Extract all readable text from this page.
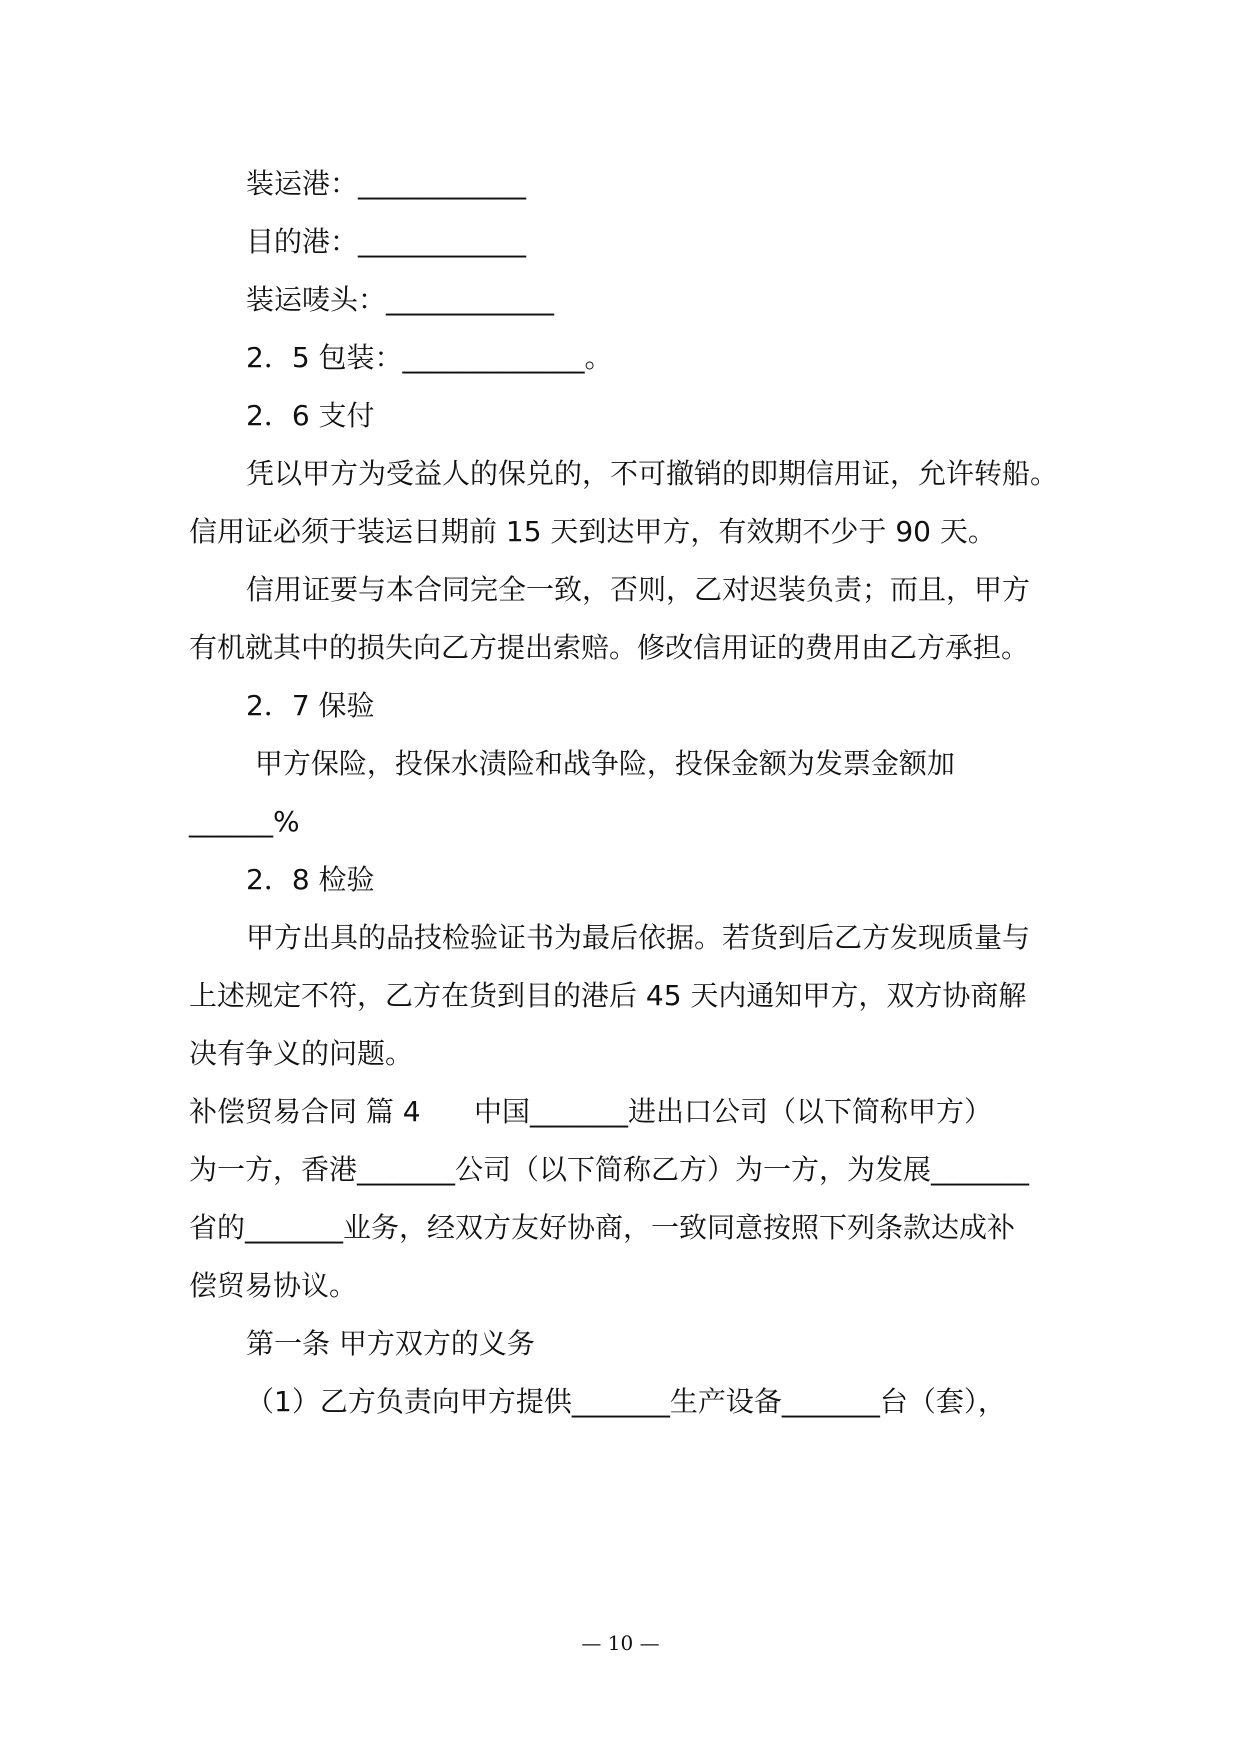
装运港：____________
目的港：____________
装运唛头：____________
2．5 包装：_____________。
2．6 支付
凭以甲方为受益人的保兑的，不可撤销的即期信用证，允许转船。
信用证必须于装运日期前 15 天到达甲方，有效期不少于 90 天。
信用证要与本合同完全一致，否则，乙对迟装负责；而且，甲方
有机就其中的损失向乙方提出索赔。修改信用证的费用由乙方承担。
2．7 保验
甲方保险，投保水渍险和战争险，投保金额为发票金额加
______%
2．8 检验
甲方出具的品技检验证书为最后依据。若货到后乙方发现质量与
上述规定不符，乙方在货到目的港后 45 天内通知甲方，双方协商解
决有争义的问题。
补偿贸易合同 篇 4      中国_______进出口公司（以下简称甲方）
为一方，香港_______公司（以下简称乙方）为一方，为发展_______
省的_______业务，经双方友好协商，一致同意按照下列条款达成补
偿贸易协议。
第一条 甲方双方的义务
（1）乙方负责向甲方提供_______生产设备_______台（套），
— 10 —
